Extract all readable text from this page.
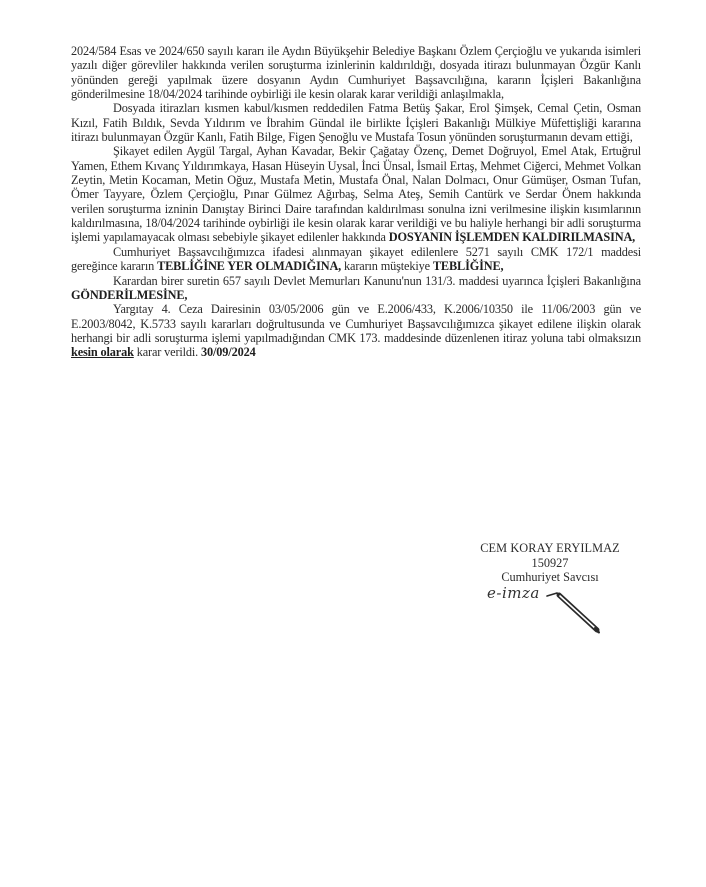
2024/584 Esas ve 2024/650 sayılı kararı ile Aydın Büyükşehir Belediye Başkanı Özlem Çerçioğlu ve yukarıda isimleri yazılı diğer görevliler hakkında verilen soruşturma izinlerinin kaldırıldığı, dosyada itirazı bulunmayan Özgür Kanlı yönünden gereği yapılmak üzere dosyanın Aydın Cumhuriyet Başsavcılığına, kararın İçişleri Bakanlığına gönderilmesine 18/04/2024 tarihinde oybirliği ile kesin olarak karar verildiği anlaşılmakla,

Dosyada itirazları kısmen kabul/kısmen reddedilen Fatma Betüş Şakar, Erol Şimşek, Cemal Çetin, Osman Kızıl, Fatih Bıldık, Sevda Yıldırım ve İbrahim Gündal ile birlikte İçişleri Bakanlığı Mülkiye Müfettişliği kararına itirazı bulunmayan Özgür Kanlı, Fatih Bilge, Figen Şenoğlu ve Mustafa Tosun yönünden soruşturmanın devam ettiği,

Şikayet edilen Aygül Targal, Ayhan Kavadar, Bekir Çağatay Özenç, Demet Doğruyol, Emel Atak, Ertuğrul Yamen, Ethem Kıvanç Yıldırımkaya, Hasan Hüseyin Uysal, İnci Ünsal, İsmail Ertaş, Mehmet Ciğerci, Mehmet Volkan Zeytin, Metin Kocaman, Metin Oğuz, Mustafa Metin, Mustafa Önal, Nalan Dolmacı, Onur Gümüşer, Osman Tufan, Ömer Tayyare, Özlem Çerçioğlu, Pınar Gülmez Ağırbaş, Selma Ateş, Semih Cantürk ve Serdar Önem hakkında verilen soruşturma izninin Danıştay Birinci Daire tarafından kaldırılması sonulna izni verilmesine ilişkin kısımlarının kaldırılmasına, 18/04/2024 tarihinde oybirliği ile kesin olarak karar verildiği ve bu haliyle herhangi bir adli soruşturma işlemi yapılamayacak olması sebebiyle şikayet edilenler hakkında DOSYANIN İŞLEMDEN KALDIRILMASINA,

Cumhuriyet Başsavcılığımızca ifadesi alınmayan şikayet edilenlere 5271 sayılı CMK 172/1 maddesi gereğince kararın TEBLİĞİNE YER OLMADIĞINA, kararın müştekiye TEBLİĞİNE,

Karardan birer suretin 657 sayılı Devlet Memurları Kanunu'nun 131/3. maddesi uyarınca İçişleri Bakanlığına GÖNDERİLMESİNE,

Yargıtay 4. Ceza Dairesinin 03/05/2006 gün ve E.2006/433, K.2006/10350 ile 11/06/2003 gün ve E.2003/8042, K.5733 sayılı kararları doğrultusunda ve Cumhuriyet Başsavcılığımızca şikayet edilene ilişkin olarak herhangi bir adli soruşturma işlemi yapılmadığından CMK 173. maddesinde düzenlenen itiraz yoluna tabi olmaksızın kesin olarak karar verildi. 30/09/2024

CEM KORAY ERYILMAZ
150927
Cumhuriyet Savcısı
e-imza
